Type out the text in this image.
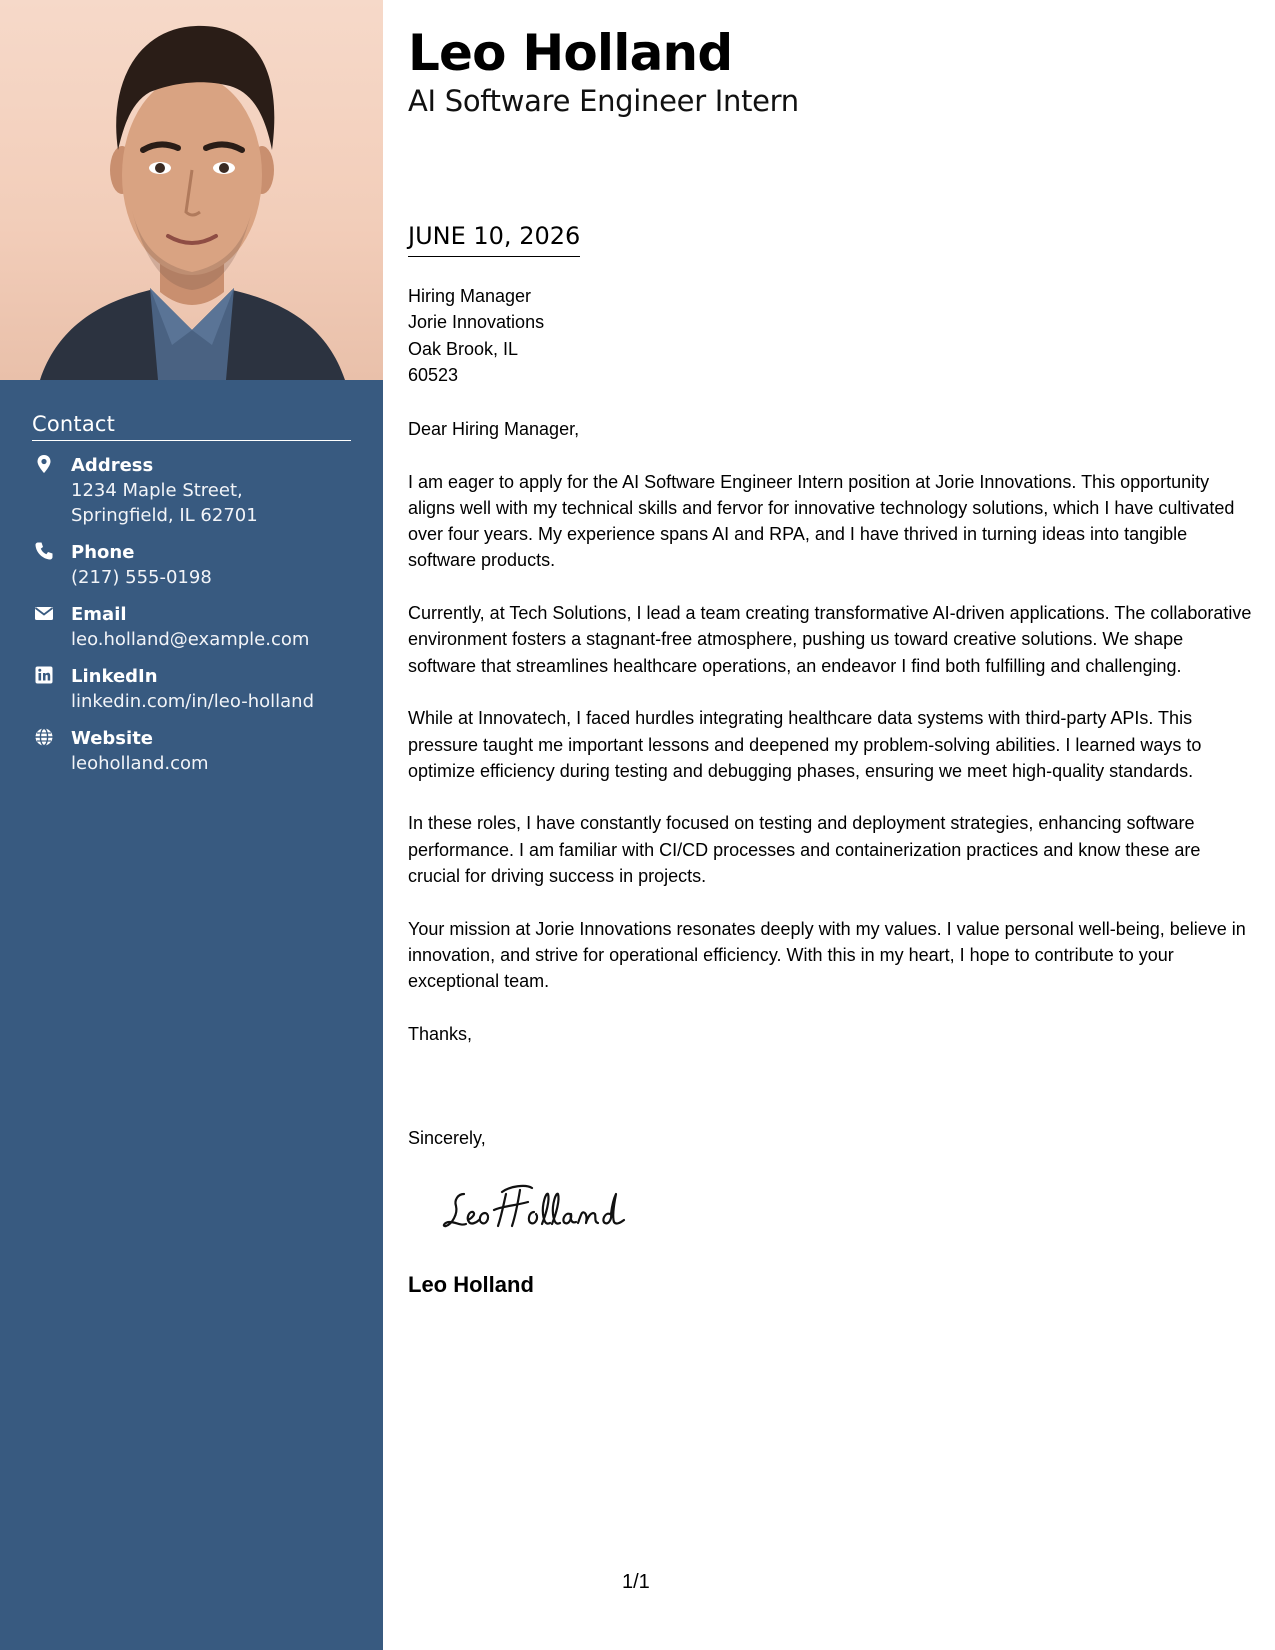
Contact
Address
1234 Maple Street, Springfield, IL 62701
Phone
(217) 555-0198
Email
leo.holland@example.com
LinkedIn
linkedin.com/in/leo-holland
Website
leoholland.com
Leo Holland
AI Software Engineer Intern
JUNE 10, 2026
Hiring Manager
Jorie Innovations
Oak Brook, IL
60523

Dear Hiring Manager,

I am eager to apply for the AI Software Engineer Intern position at Jorie Innovations. This opportunity aligns well with my technical skills and fervor for innovative technology solutions, which I have cultivated over four years. My experience spans AI and RPA, and I have thrived in turning ideas into tangible software products.

Currently, at Tech Solutions, I lead a team creating transformative AI-driven applications. The collaborative environment fosters a stagnant-free atmosphere, pushing us toward creative solutions. We shape software that streamlines healthcare operations, an endeavor I find both fulfilling and challenging.

While at Innovatech, I faced hurdles integrating healthcare data systems with third-party APIs. This pressure taught me important lessons and deepened my problem-solving abilities. I learned ways to optimize efficiency during testing and debugging phases, ensuring we meet high-quality standards.

In these roles, I have constantly focused on testing and deployment strategies, enhancing software performance. I am familiar with CI/CD processes and containerization practices and know these are crucial for driving success in projects.

Your mission at Jorie Innovations resonates deeply with my values. I value personal well-being, believe in innovation, and strive for operational efficiency. With this in my heart, I hope to contribute to your exceptional team.

Thanks,

Sincerely,
Leo Holland
1/1
